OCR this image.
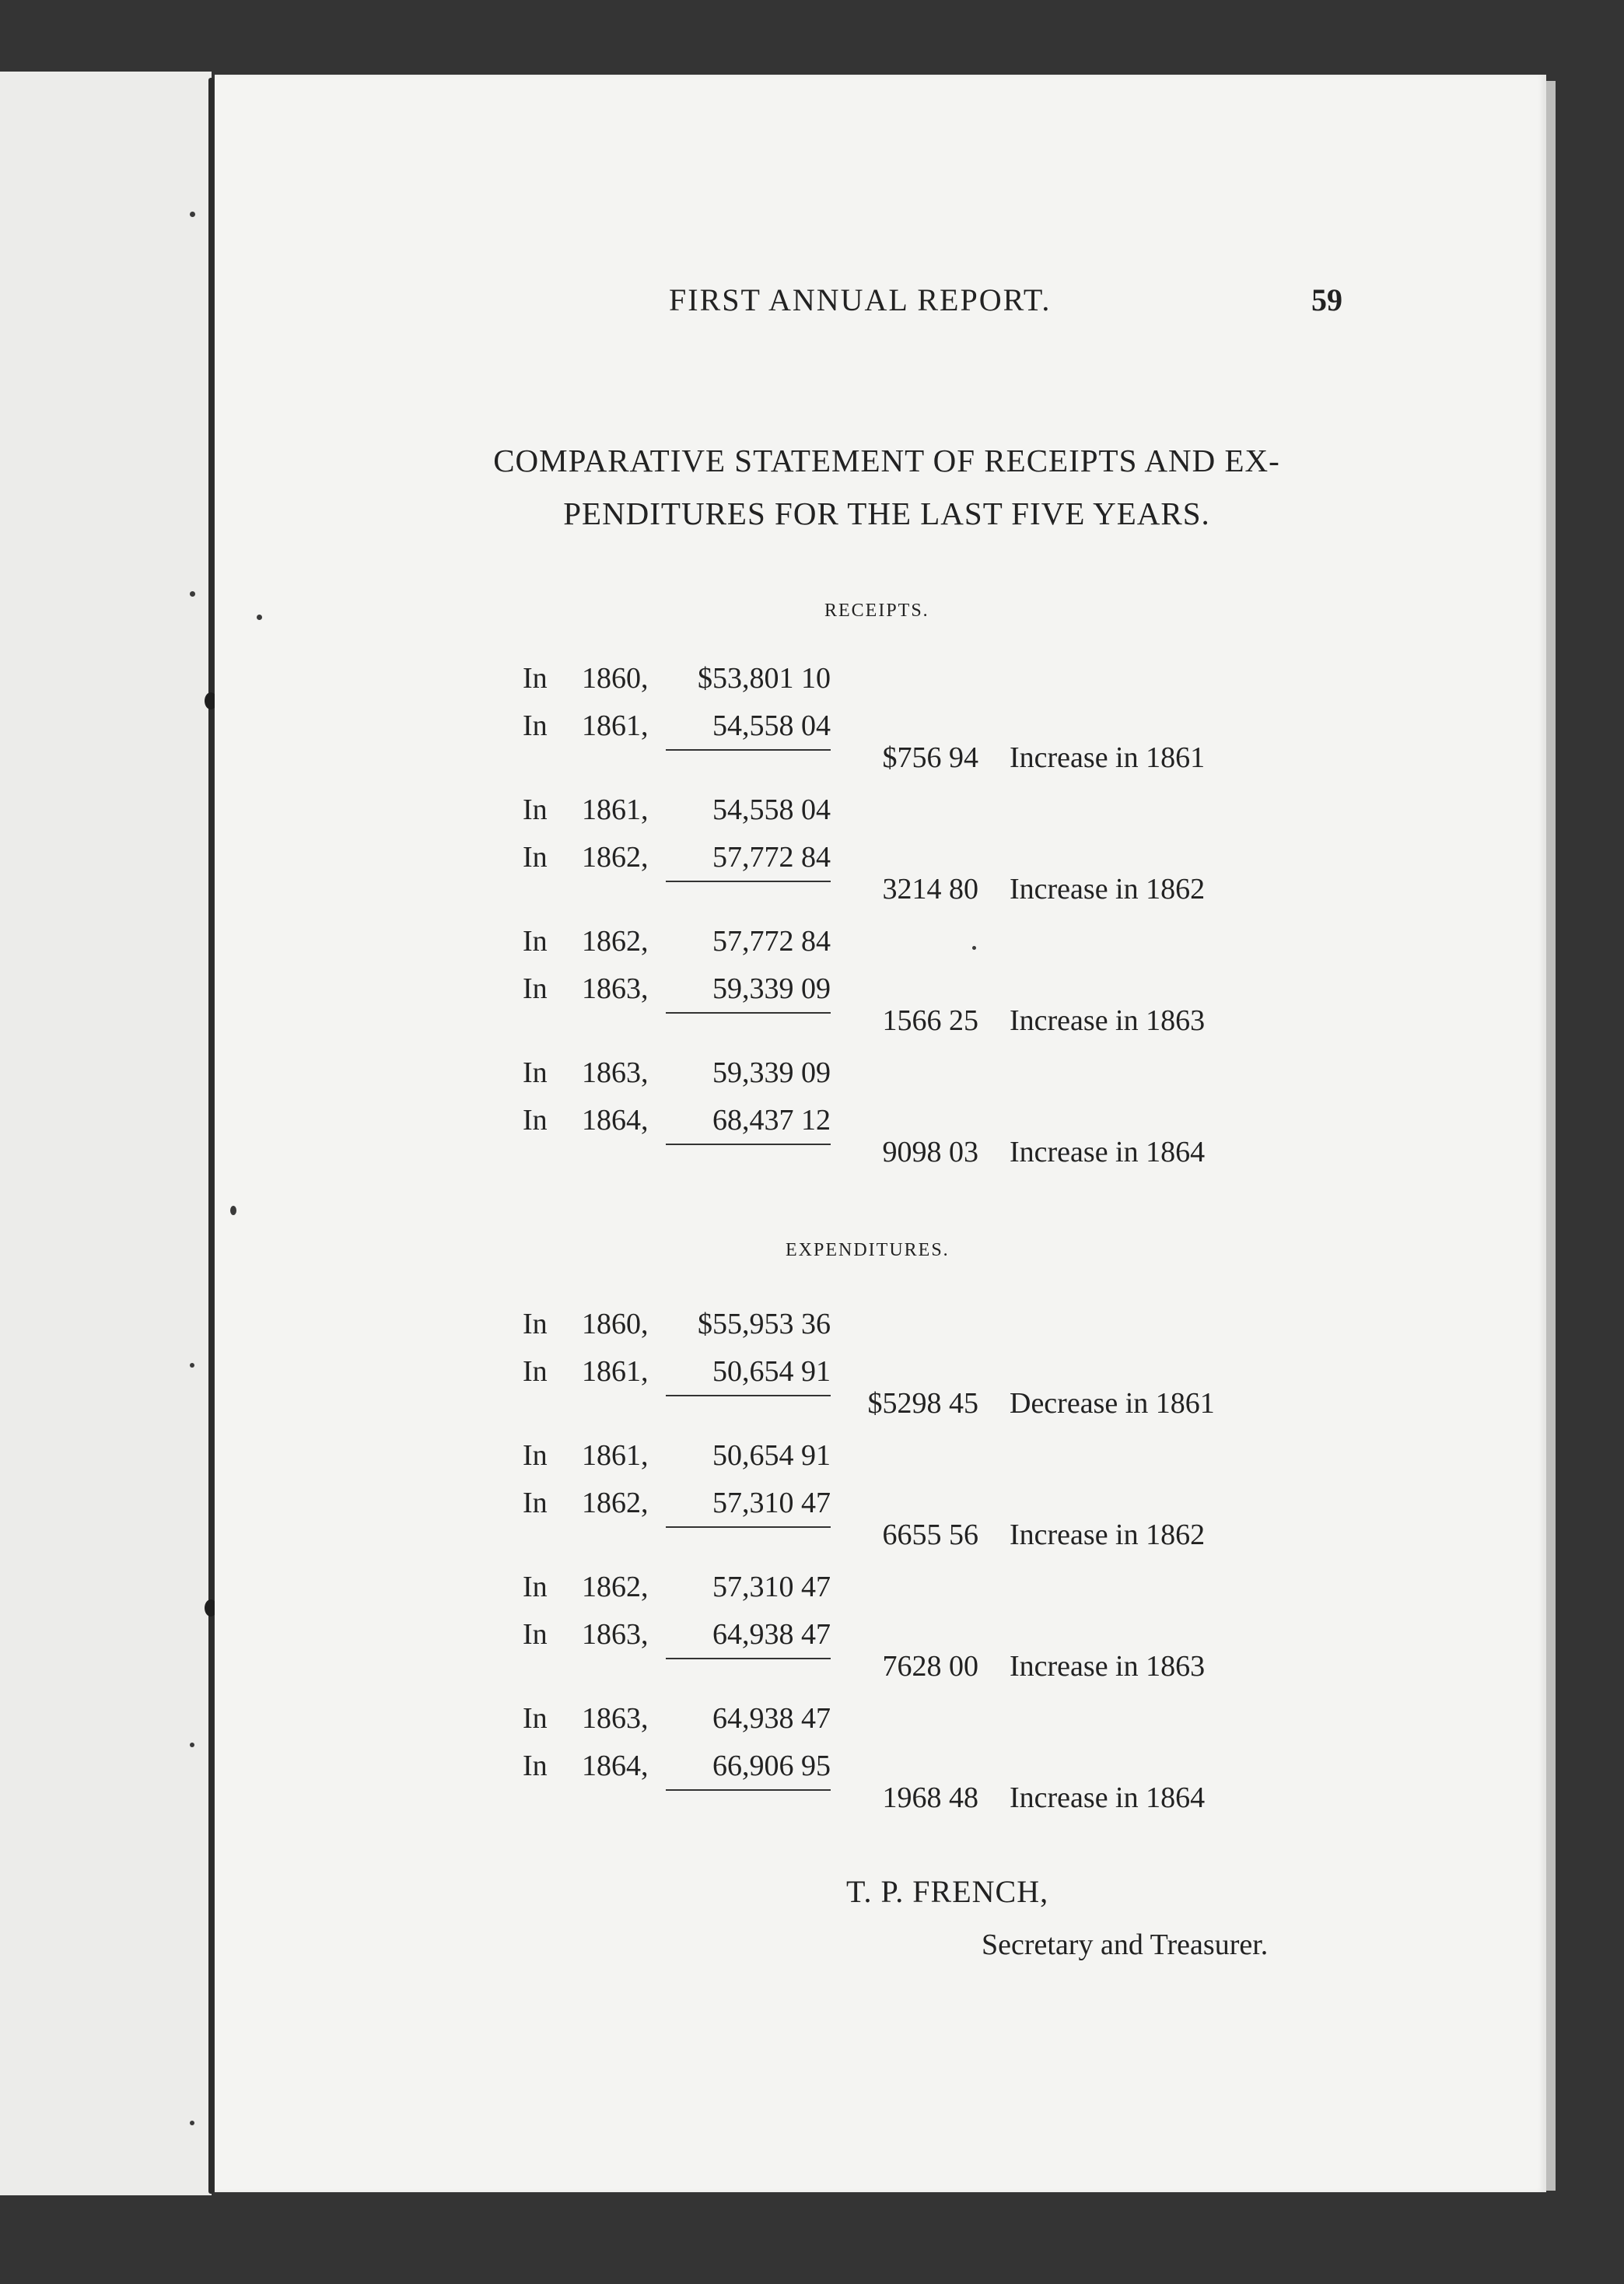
FIRST ANNUAL REPORT.	59
COMPARATIVE STATEMENT OF RECEIPTS AND EX-
PENDITURES FOR THE LAST FIVE YEARS.
RECEIPTS.
In 1860, $53,801 10
In 1861, 54,558 04
$756 94 Increase in 1861
In 1861, 54,558 04
In 1862, 57,772 84
3214 80 Increase in 1862
In 1862, 57,772 84
In 1863, 59,339 09
1566 25 Increase in 1863
In 1863, 59,339 09
In 1864, 68,437 12
9098 03 Increase in 1864
EXPENDITURES.
In 1860, $55,953 36
In 1861, 50,654 91
$5298 45 Decrease in 1861
In 1861, 50,654 91
In 1862, 57,310 47
6655 56 Increase in 1862
In 1862, 57,310 47
In 1863, 64,938 47
7628 00 Increase in 1863
In 1863, 64,938 47
In 1864, 66,906 95
1968 48 Increase in 1864
T. P. FRENCH,
Secretary and Treasurer.
